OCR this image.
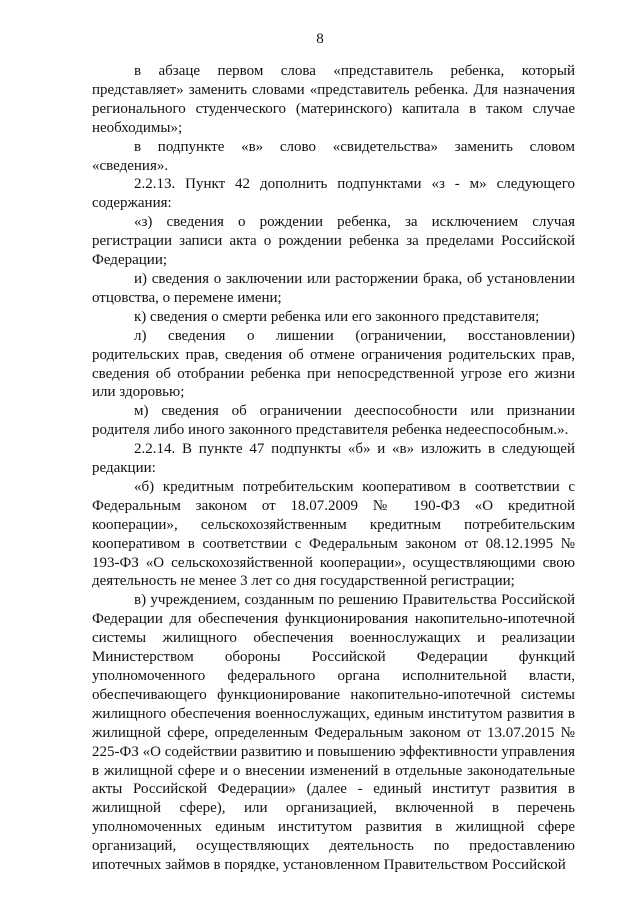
8

в абзаце первом слова «представитель ребенка, который представляет» заменить словами «представитель ребенка. Для назначения регионального студенческого (материнского) капитала в таком случае необходимы»;

в подпункте «в» слово «свидетельства» заменить словом «сведения».

2.2.13. Пункт 42 дополнить подпунктами «з - м» следующего содержания:

«з) сведения о рождении ребенка, за исключением случая регистрации записи акта о рождении ребенка за пределами Российской Федерации;

и) сведения о заключении или расторжении брака, об установлении отцовства, о перемене имени;

к) сведения о смерти ребенка или его законного представителя;

л) сведения о лишении (ограничении, восстановлении) родительских прав, сведения об отмене ограничения родительских прав, сведения об отобрании ребенка при непосредственной угрозе его жизни или здоровью;

м) сведения об ограничении дееспособности или признании родителя либо иного законного представителя ребенка недееспособным.».

2.2.14. В пункте 47 подпункты «б» и «в» изложить в следующей редакции:

«б) кредитным потребительским кооперативом в соответствии с Федеральным законом от 18.07.2009 № 190-ФЗ «О кредитной кооперации», сельскохозяйственным кредитным потребительским кооперативом в соответствии с Федеральным законом от 08.12.1995 № 193-ФЗ «О сельскохозяйственной кооперации», осуществляющими свою деятельность не менее 3 лет со дня государственной регистрации;

в) учреждением, созданным по решению Правительства Российской Федерации для обеспечения функционирования накопительно-ипотечной системы жилищного обеспечения военнослужащих и реализации Министерством обороны Российской Федерации функций уполномоченного федерального органа исполнительной власти, обеспечивающего функционирование накопительно-ипотечной системы жилищного обеспечения военнослужащих, единым институтом развития в жилищной сфере, определенным Федеральным законом от 13.07.2015 № 225-ФЗ «О содействии развитию и повышению эффективности управления в жилищной сфере и о внесении изменений в отдельные законодательные акты Российской Федерации» (далее - единый институт развития в жилищной сфере), или организацией, включенной в перечень уполномоченных единым институтом развития в жилищной сфере организаций, осуществляющих деятельность по предоставлению ипотечных займов в порядке, установленном Правительством Российской
